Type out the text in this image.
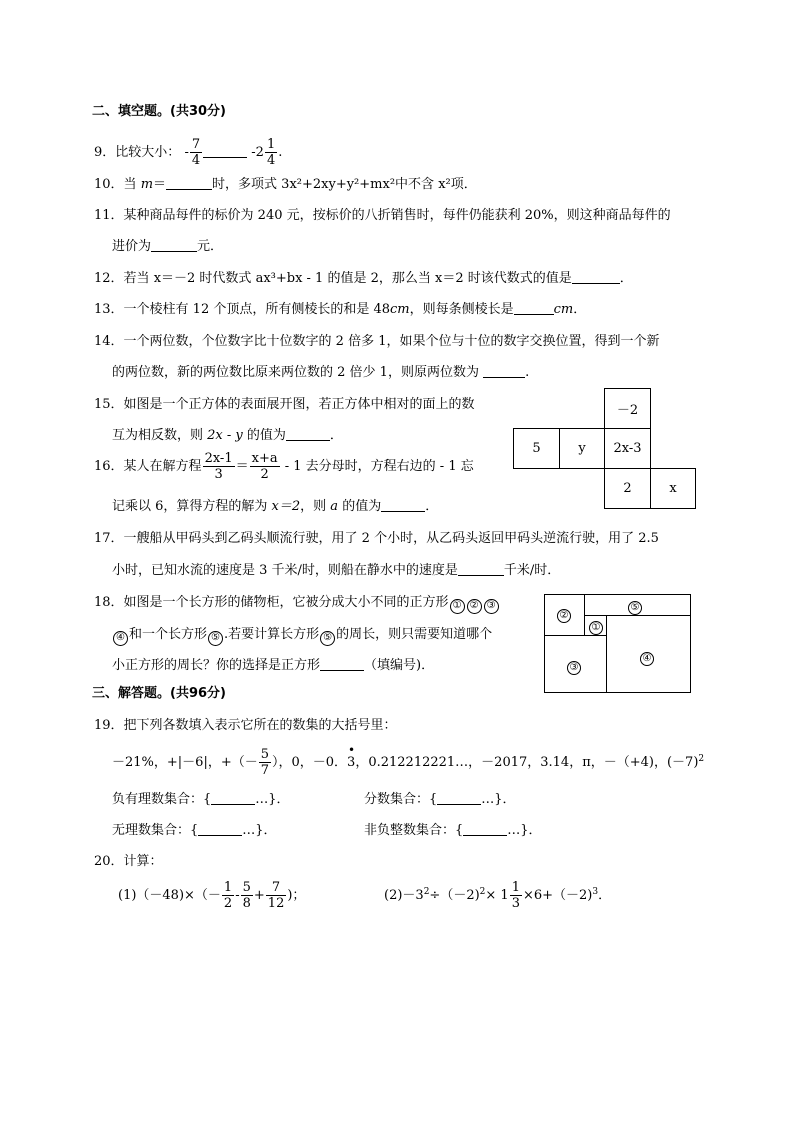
二、填空题。(共30分)
9．比较大小： - $\frac{7}{4}$	$-2 \frac{1}{4}$ .
10．当 m＝	时，多项式 3x²+2xy+y²+mx²中不含 x²项．
11．某种商品每件的标价为 240 元，按标价的八折销售时，每件仍能获利 20%，则这种商品每件的
进价为	元．
12．若当 x＝－2 时代数式 ax³+bx - 1 的值是 2，那么当 x＝2 时该代数式的值是	．
13．一个棱柱有 12 个顶点，所有侧棱长的和是 48cm，则每条侧棱长是	cm．
14．一个两位数，个位数字比十位数字的 2 倍多 1，如果个位与十位的数字交换位置，得到一个新
的两位数，新的两位数比原来两位数的 2 倍少 1，则原两位数为	.
15．如图是一个正方体的表面展开图，若正方体中相对的面上的数
互为相反数，则 2x - y 的值为	．
－2
5	y	2x-3
2	x
16．某人在解方程 $\frac{2x-1}{3} = \frac{x+a}{2} - 1$ 去分母时，方程右边的 - 1 忘
记乘以 6，算得方程的解为 x＝2，则 a 的值为	．
17．一艘船从甲码头到乙码头顺流行驶，用了 2 个小时，从乙码头返回甲码头逆流行驶，用了 2.5
小时，已知水流的速度是 3 千米/时，则船在静水中的速度是	千米/时．
18．如图是一个长方形的储物柜，它被分成大小不同的正方形 ① ② ③
④ 和一个长方形 ⑤ .若要计算长方形 ⑤ 的周长，则只需要知道哪个
小正方形的周长？你的选择是正方形	（填编号)．
②
⑤
①
③
④
三、解答题。(共96分)
19．把下列各数填入表示它所在的数集的大括号里：
－21%，+|－6|，+（－ $\frac{5}{7}$ ），0，－0．• 3，0.212212221…，－2017，3.14，π，－（+4)，$(-7)^2$
负有理数集合：{	…}．	分数集合：{	…}．
无理数集合：{	…}．	非负整数集合：{	…}．
20．计算：
$(1)(-48)\times(- \frac{1}{2} - \frac{5}{8} + \frac{7}{12}$ )；	$(2)-3^2\div(-2)^2\times 1 \frac{1}{3} \times 6+(-2)^3$．
